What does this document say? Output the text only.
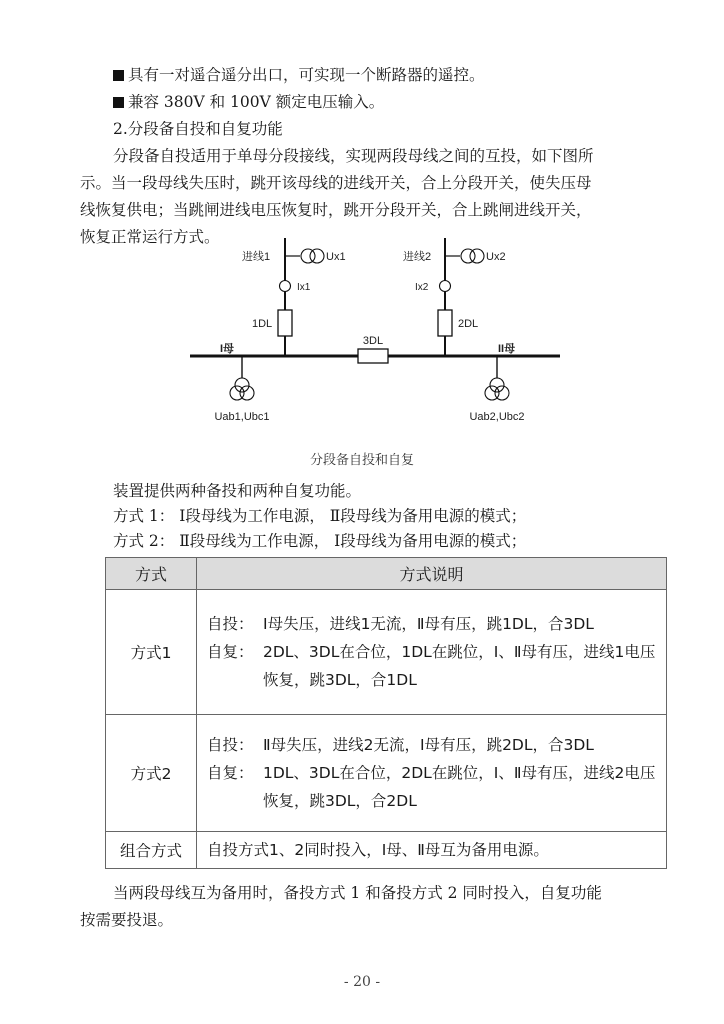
具有一对遥合遥分出口，可实现一个断路器的遥控。
兼容 380V 和 100V 额定电压输入。
2.分段备自投和自复功能
分段备自投适用于单母分段接线，实现两段母线之间的互投，如下图所
示。当一段母线失压时，跳开该母线的进线开关，合上分段开关，使失压母
线恢复供电；当跳闸进线电压恢复时，跳开分段开关，合上跳闸进线开关，
恢复正常运行方式。
3DL
Ux1
进线1
Ix1
1DL
Ux2
进线2
Ix2
2DL
I母	II母
Uab1,Ubc1	Uab2,Ubc2
分段备自投和自复
装置提供两种备投和两种自复功能。
方式 1： Ⅰ段母线为工作电源， Ⅱ段母线为备用电源的模式；
方式 2： Ⅱ段母线为工作电源， Ⅰ段母线为备用电源的模式；
方式	方式说明
方式1	自投： Ⅰ母失压，进线1无流，Ⅱ母有压，跳1DL，合3DL
自复： 2DL、3DL在合位，1DL在跳位，Ⅰ、Ⅱ母有压，进线1电压恢复，跳3DL，合1DL

方式2	自投： Ⅱ母失压，进线2无流，Ⅰ母有压，跳2DL，合3DL
自复： 1DL、3DL在合位，2DL在跳位，Ⅰ、Ⅱ母有压，进线2电压恢复，跳3DL，合2DL

组合方式	自投方式1、2同时投入，Ⅰ母、Ⅱ母互为备用电源。
当两段母线互为备用时，备投方式 1 和备投方式 2 同时投入，自复功能
按需要投退。
- 20 -
